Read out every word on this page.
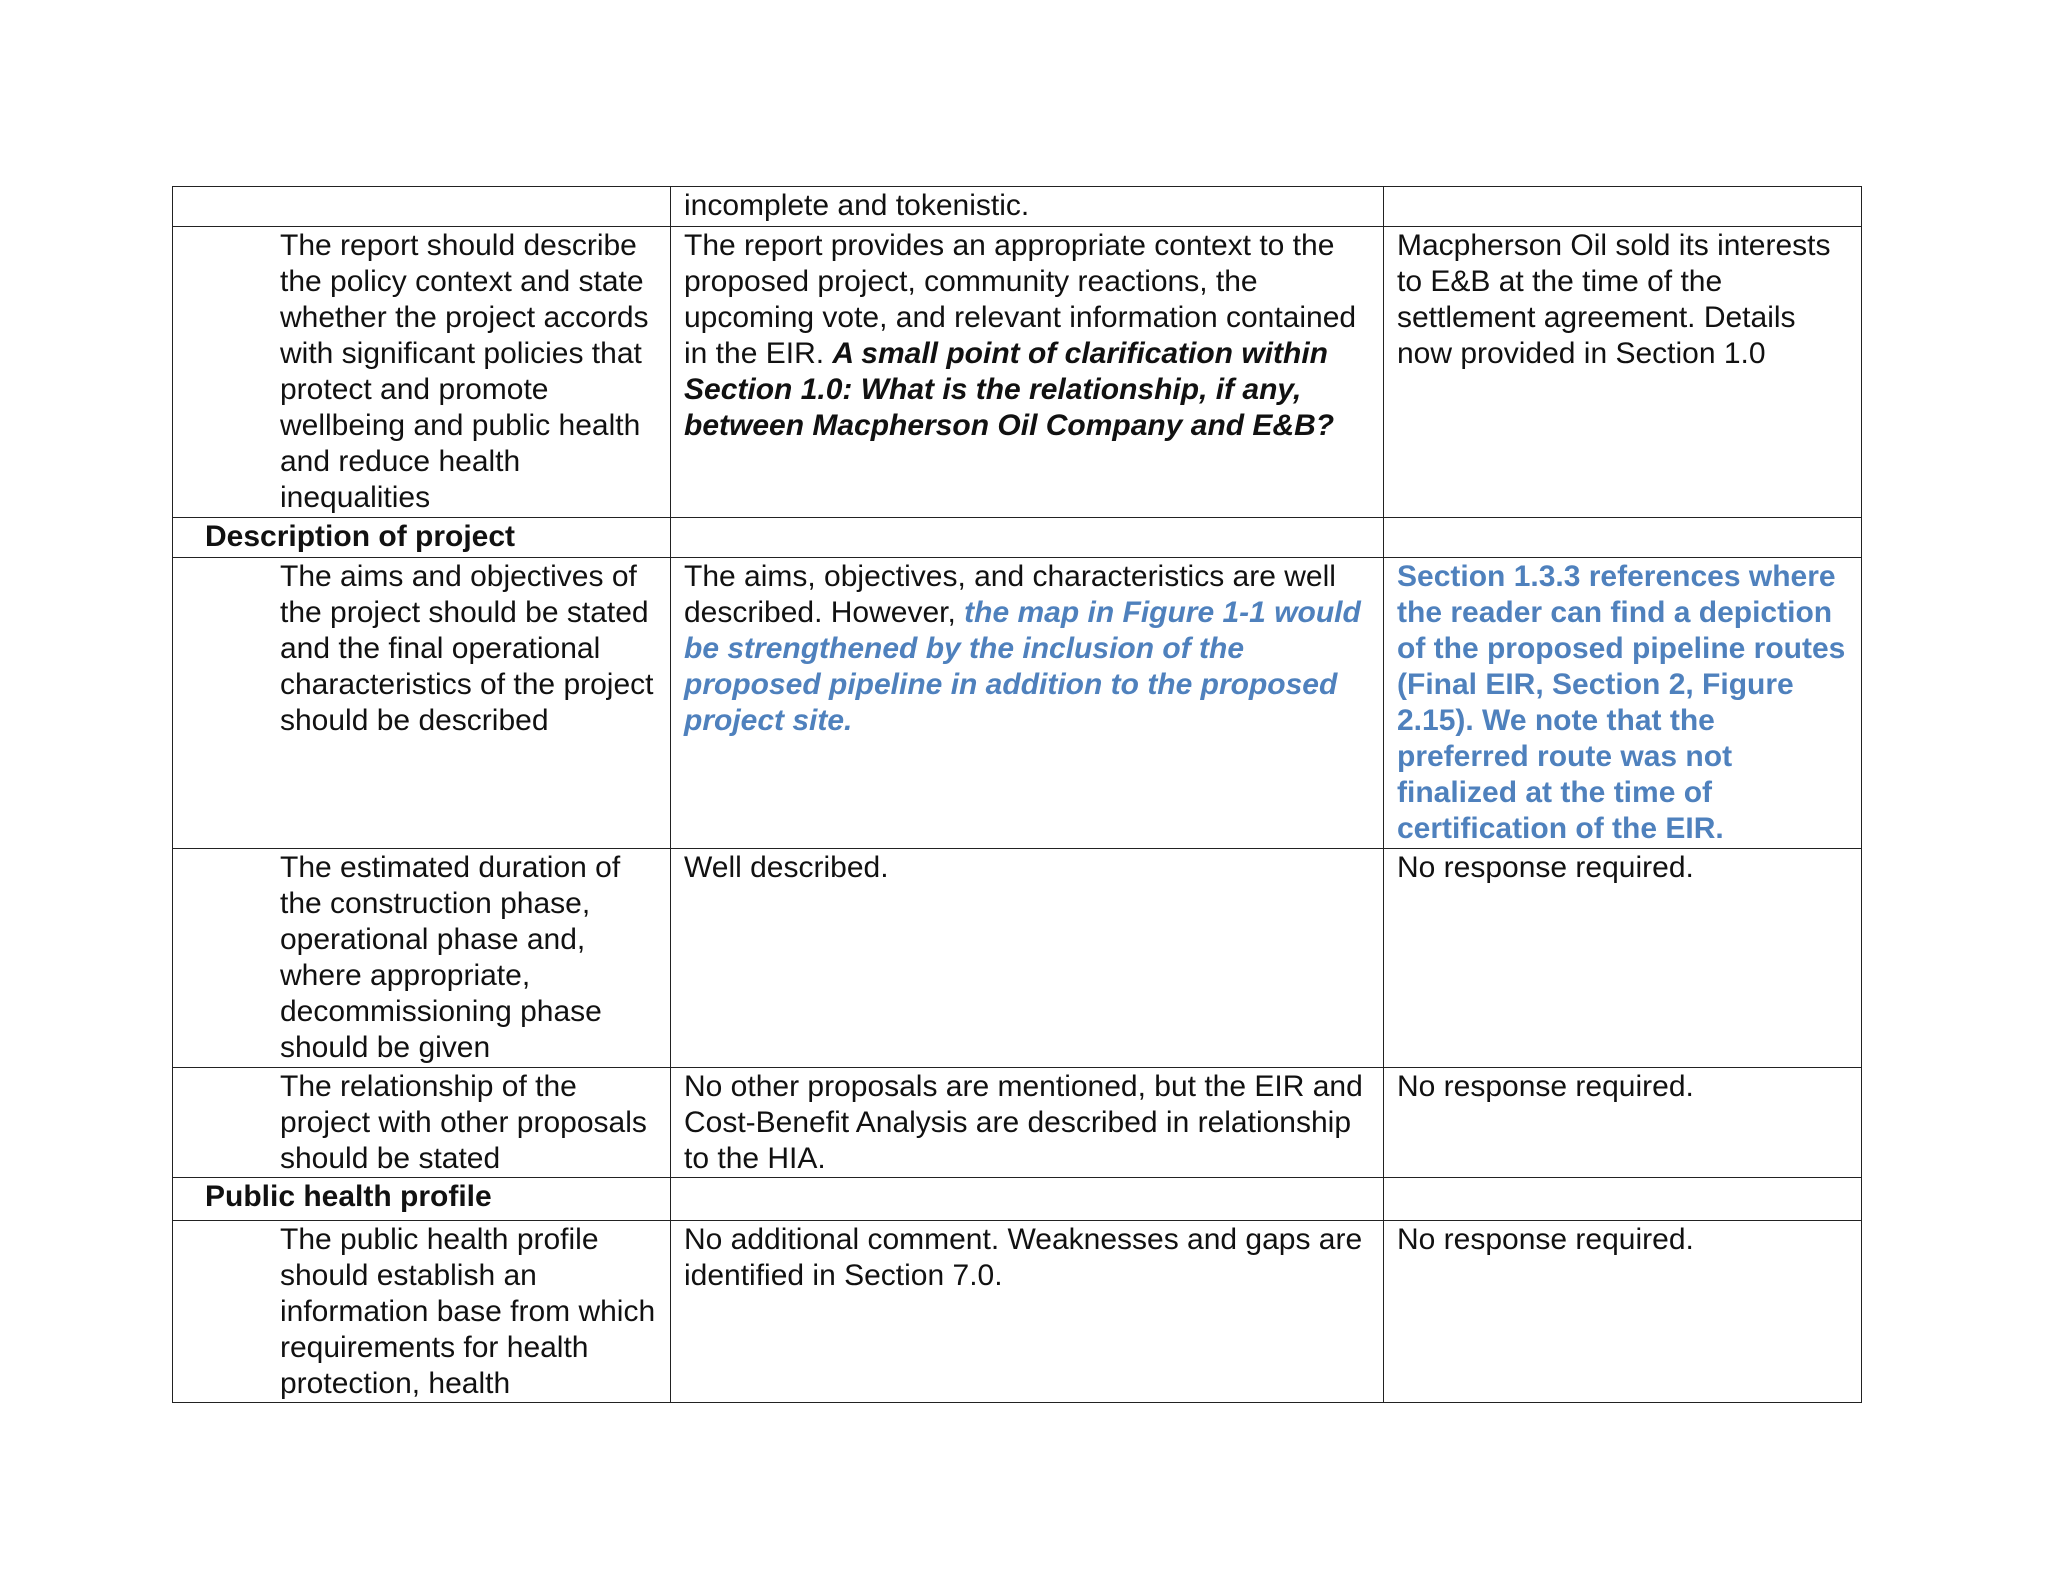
	incomplete and tokenistic.	
The report should describe the policy context and state whether the project accords with significant policies that protect and promote wellbeing and public health and reduce health inequalities	The report provides an appropriate context to the proposed project, community reactions, the upcoming vote, and relevant information contained in the EIR. A small point of clarification within Section 1.0: What is the relationship, if any, between Macpherson Oil Company and E&B?	Macpherson Oil sold its interests to E&B at the time of the settlement agreement. Details now provided in Section 1.0
Description of project		
The aims and objectives of the project should be stated and the final operational characteristics of the project should be described	The aims, objectives, and characteristics are well described. However, the map in Figure 1-1 would be strengthened by the inclusion of the proposed pipeline in addition to the proposed project site.	Section 1.3.3 references where the reader can find a depiction of the proposed pipeline routes (Final EIR, Section 2, Figure 2.15). We note that the preferred route was not finalized at the time of certification of the EIR.
The estimated duration of the construction phase, operational phase and, where appropriate, decommissioning phase should be given	Well described.	No response required.
The relationship of the project with other proposals should be stated	No other proposals are mentioned, but the EIR and Cost-Benefit Analysis are described in relationship to the HIA.	No response required.
Public health profile		
The public health profile should establish an information base from which requirements for health protection, health	No additional comment. Weaknesses and gaps are identified in Section 7.0.	No response required.
